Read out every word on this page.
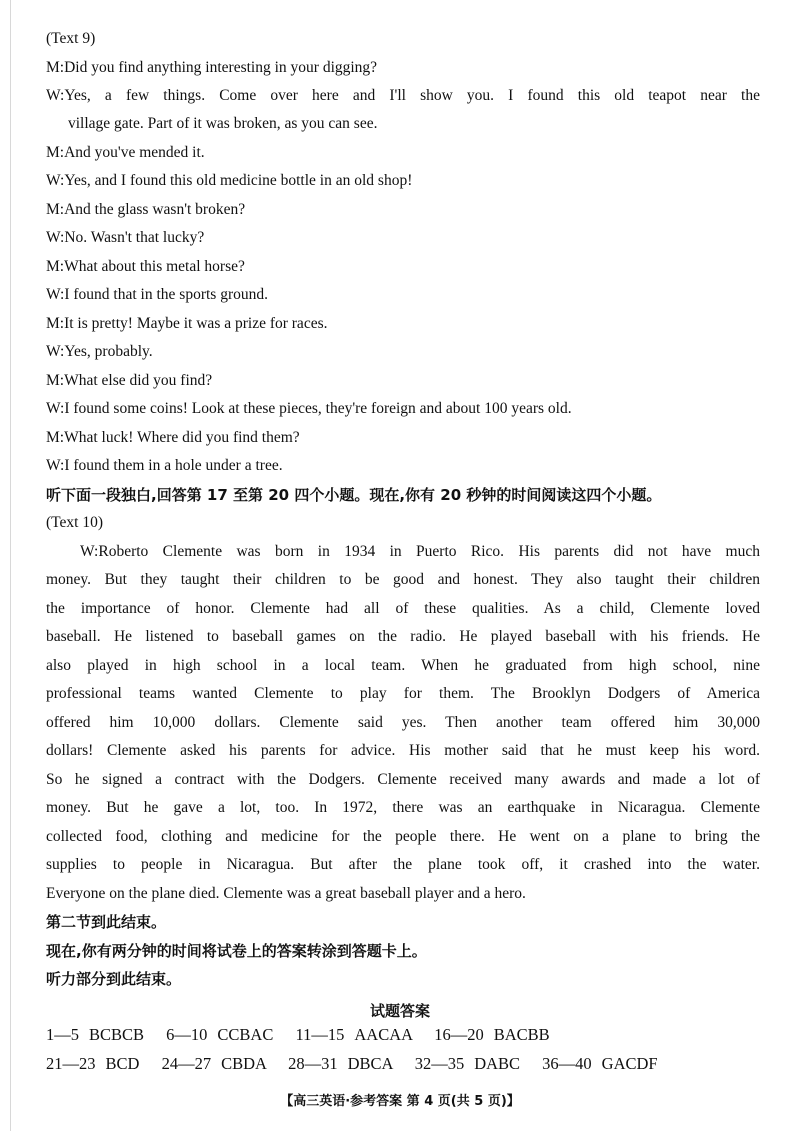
(Text 9)
M:Did you find anything interesting in your digging?
W:Yes, a few things. Come over here and I'll show you. I found this old teapot near the
village gate. Part of it was broken, as you can see.
M:And you've mended it.
W:Yes, and I found this old medicine bottle in an old shop!
M:And the glass wasn't broken?
W:No. Wasn't that lucky?
M:What about this metal horse?
W:I found that in the sports ground.
M:It is pretty! Maybe it was a prize for races.
W:Yes, probably.
M:What else did you find?
W:I found some coins! Look at these pieces, they're foreign and about 100 years old.
M:What luck! Where did you find them?
W:I found them in a hole under a tree.
听下面一段独白,回答第 17 至第 20 四个小题。现在,你有 20 秒钟的时间阅读这四个小题。
(Text 10)
W:Roberto Clemente was born in 1934 in Puerto Rico. His parents did not have much
money. But they taught their children to be good and honest. They also taught their children
the importance of honor. Clemente had all of these qualities. As a child, Clemente loved
baseball. He listened to baseball games on the radio. He played baseball with his friends. He
also played in high school in a local team. When he graduated from high school, nine
professional teams wanted Clemente to play for them. The Brooklyn Dodgers of America
offered him 10,000 dollars. Clemente said yes. Then another team offered him 30,000
dollars! Clemente asked his parents for advice. His mother said that he must keep his word.
So he signed a contract with the Dodgers. Clemente received many awards and made a lot of
money. But he gave a lot, too. In 1972, there was an earthquake in Nicaragua. Clemente
collected food, clothing and medicine for the people there. He went on a plane to bring the
supplies to people in Nicaragua. But after the plane took off, it crashed into the water.
Everyone on the plane died. Clemente was a great baseball player and a hero.
第二节到此结束。
现在,你有两分钟的时间将试卷上的答案转涂到答题卡上。
听力部分到此结束。
试题答案
1—5 BCBCB 6—10 CCBAC 11—15 AACAA 16—20 BACBB
21—23 BCD 24—27 CBDA 28—31 DBCA 32—35 DABC 36—40 GACDF
【高三英语·参考答案 第 4 页(共 5 页)】
